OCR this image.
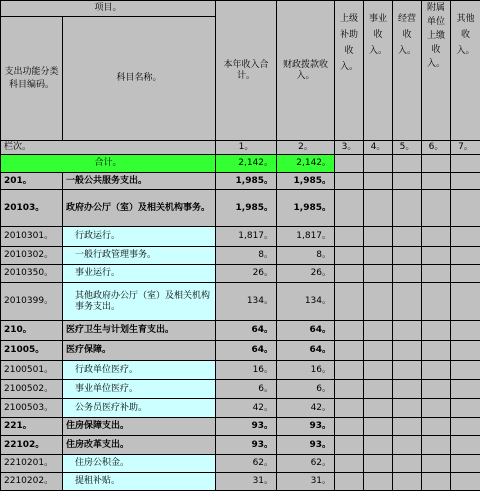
项目。		本年收入合计。	财政拨款收入。	上级补助收入。	事业收入。	经营收入。	附属单位上缴收入。	其他收入。
支出功能分类科目编码。	科目名称。							
栏次。		1。	2。	3。	4。	5。	6。	7。
合计。		2,142。	2,142。					
201。	一般公共服务支出。	1,985。	1,985。					
20103。	政府办公厅（室）及相关机构事务。	1,985。	1,985。					
2010301。	行政运行。	1,817。	1,817。					
2010302。	一般行政管理事务。	8。	8。					
2010350。	事业运行。	26。	26。					
2010399。	其他政府办公厅（室）及相关机构事务支出。	134。	134。					
210。	医疗卫生与计划生育支出。	64。	64。					
21005。	医疗保障。	64。	64。					
2100501。	行政单位医疗。	16。	16。					
2100502。	事业单位医疗。	6。	6。					
2100503。	公务员医疗补助。	42。	42。					
221。	住房保障支出。	93。	93。					
22102。	住房改革支出。	93。	93。					
2210201。	住房公积金。	62。	62。					
2210202。	提租补贴。	31。	31。					
